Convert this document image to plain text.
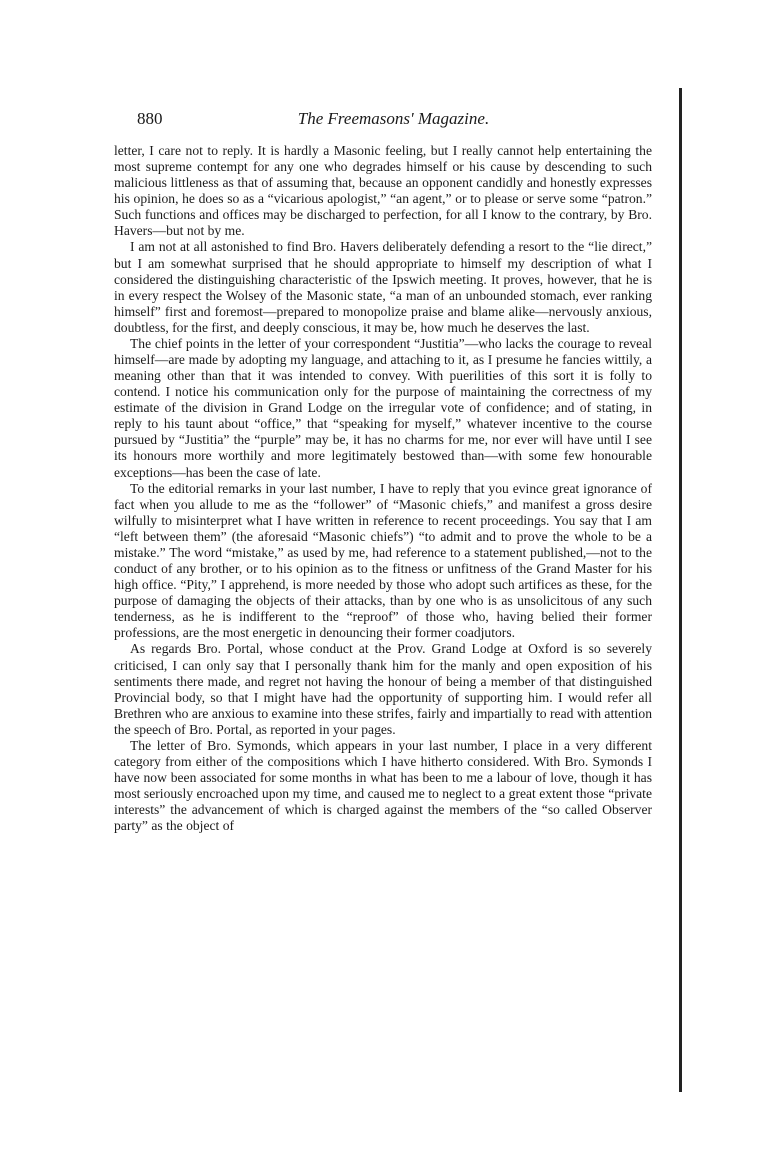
880	The Freemasons' Magazine.

letter, I care not to reply. It is hardly a Masonic feeling, but I really cannot help entertaining the most supreme contempt for any one who degrades himself or his cause by descending to such malicious littleness as that of assuming that, because an opponent candidly and honestly expresses his opinion, he does so as a “vicarious apologist,” “an agent,” or to please or serve some “patron.” Such functions and offices may be discharged to perfection, for all I know to the contrary, by Bro. Havers—but not by me.

I am not at all astonished to find Bro. Havers deliberately defending a resort to the “lie direct,” but I am somewhat surprised that he should appropriate to himself my description of what I considered the distinguishing characteristic of the Ipswich meeting. It proves, however, that he is in every respect the Wolsey of the Masonic state, “a man of an unbounded stomach, ever ranking himself” first and foremost—prepared to monopolize praise and blame alike—nervously anxious, doubtless, for the first, and deeply conscious, it may be, how much he deserves the last.

The chief points in the letter of your correspondent “Justitia”—who lacks the courage to reveal himself—are made by adopting my language, and attaching to it, as I presume he fancies wittily, a meaning other than that it was intended to convey. With puerilities of this sort it is folly to contend. I notice his communication only for the purpose of maintaining the correctness of my estimate of the division in Grand Lodge on the irregular vote of confidence; and of stating, in reply to his taunt about “office,” that “speaking for myself,” whatever incentive to the course pursued by “Justitia” the “purple” may be, it has no charms for me, nor ever will have until I see its honours more worthily and more legitimately bestowed than—with some few honourable exceptions—has been the case of late.

To the editorial remarks in your last number, I have to reply that you evince great ignorance of fact when you allude to me as the “follower” of “Masonic chiefs,” and manifest a gross desire wilfully to misinterpret what I have written in reference to recent proceedings. You say that I am “left between them” (the aforesaid “Masonic chiefs”) “to admit and to prove the whole to be a mistake.” The word “mistake,” as used by me, had reference to a statement published,—not to the conduct of any brother, or to his opinion as to the fitness or unfitness of the Grand Master for his high office. “Pity,” I apprehend, is more needed by those who adopt such artifices as these, for the purpose of damaging the objects of their attacks, than by one who is as unsolicitous of any such tenderness, as he is indifferent to the “reproof” of those who, having belied their former professions, are the most energetic in denouncing their former coadjutors.

As regards Bro. Portal, whose conduct at the Prov. Grand Lodge at Oxford is so severely criticised, I can only say that I personally thank him for the manly and open exposition of his sentiments there made, and regret not having the honour of being a member of that distinguished Provincial body, so that I might have had the opportunity of supporting him. I would refer all Brethren who are anxious to examine into these strifes, fairly and impartially to read with attention the speech of Bro. Portal, as reported in your pages.

The letter of Bro. Symonds, which appears in your last number, I place in a very different category from either of the compositions which I have hitherto considered. With Bro. Symonds I have now been associated for some months in what has been to me a labour of love, though it has most seriously encroached upon my time, and caused me to neglect to a great extent those “private interests” the advancement of which is charged against the members of the “so called Observer party” as the object of
